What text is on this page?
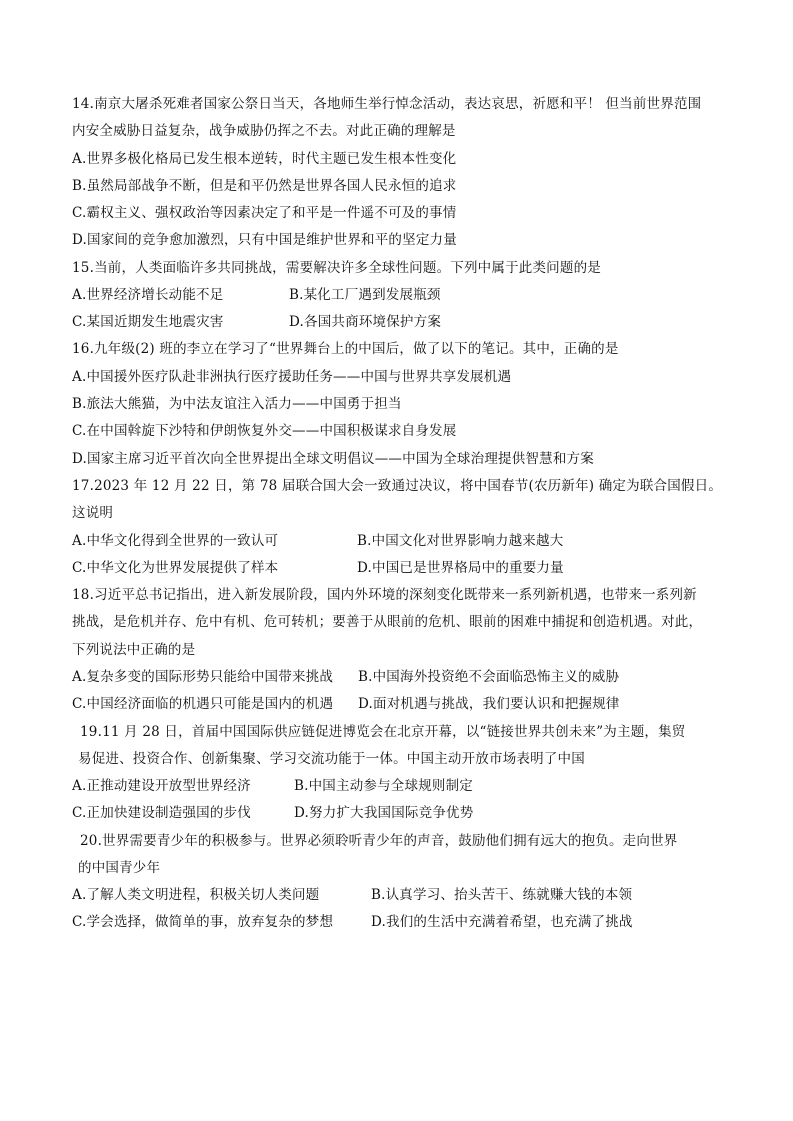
14.南京大屠杀死难者国家公祭日当天，各地师生举行悼念活动，表达哀思，祈愿和平！ 但当前世界范围
内安全威胁日益复杂，战争威胁仍挥之不去。对此正确的理解是
A.世界多极化格局已发生根本逆转，时代主题已发生根本性变化
B.虽然局部战争不断，但是和平仍然是世界各国人民永恒的追求
C.霸权主义、强权政治等因素决定了和平是一件遥不可及的事情
D.国家间的竞争愈加激烈，只有中国是维护世界和平的坚定力量
15.当前，人类面临许多共同挑战，需要解决许多全球性问题。下列中属于此类问题的是
A.世界经济增长动能不足	B.某化工厂遇到发展瓶颈
C.某国近期发生地震灾害	D.各国共商环境保护方案
16.九年级(2) 班的李立在学习了“世界舞台上的中国后，做了以下的笔记。其中，正确的是
A.中国援外医疗队赴非洲执行医疗援助任务——中国与世界共享发展机遇
B.旅法大熊猫，为中法友谊注入活力——中国勇于担当
C.在中国斡旋下沙特和伊朗恢复外交——中国积极谋求自身发展
D.国家主席习近平首次向全世界提出全球文明倡议——中国为全球治理提供智慧和方案
17.2023 年 12 月 22 日，第 78 届联合国大会一致通过决议，将中国春节(农历新年) 确定为联合国假日。
这说明
A.中华文化得到全世界的一致认可	B.中国文化对世界影响力越来越大
C.中华文化为世界发展提供了样本	D.中国已是世界格局中的重要力量
18.习近平总书记指出，进入新发展阶段，国内外环境的深刻变化既带来一系列新机遇，也带来一系列新
挑战，是危机并存、危中有机、危可转机；要善于从眼前的危机、眼前的困难中捕捉和创造机遇。对此，
下列说法中正确的是
A.复杂多变的国际形势只能给中国带来挑战 B.中国海外投资绝不会面临恐怖主义的威胁
C.中国经济面临的机遇只可能是国内的机遇 D.面对机遇与挑战，我们要认识和把握规律
19.11 月 28 日，首届中国国际供应链促进博览会在北京开幕，以“链接世界共创未来”为主题，集贸
易促进、投资合作、创新集聚、学习交流功能于一体。中国主动开放市场表明了中国
A.正推动建设开放型世界经济	B.中国主动参与全球规则制定
C.正加快建设制造强国的步伐	D.努力扩大我国国际竞争优势
20.世界需要青少年的积极参与。世界必须聆听青少年的声音，鼓励他们拥有远大的抱负。走向世界
的中国青少年
A.了解人类文明进程，积极关切人类问题	B.认真学习、抬头苦干、练就赚大钱的本领
C.学会选择，做简单的事，放弃复杂的梦想	D.我们的生活中充满着希望，也充满了挑战
